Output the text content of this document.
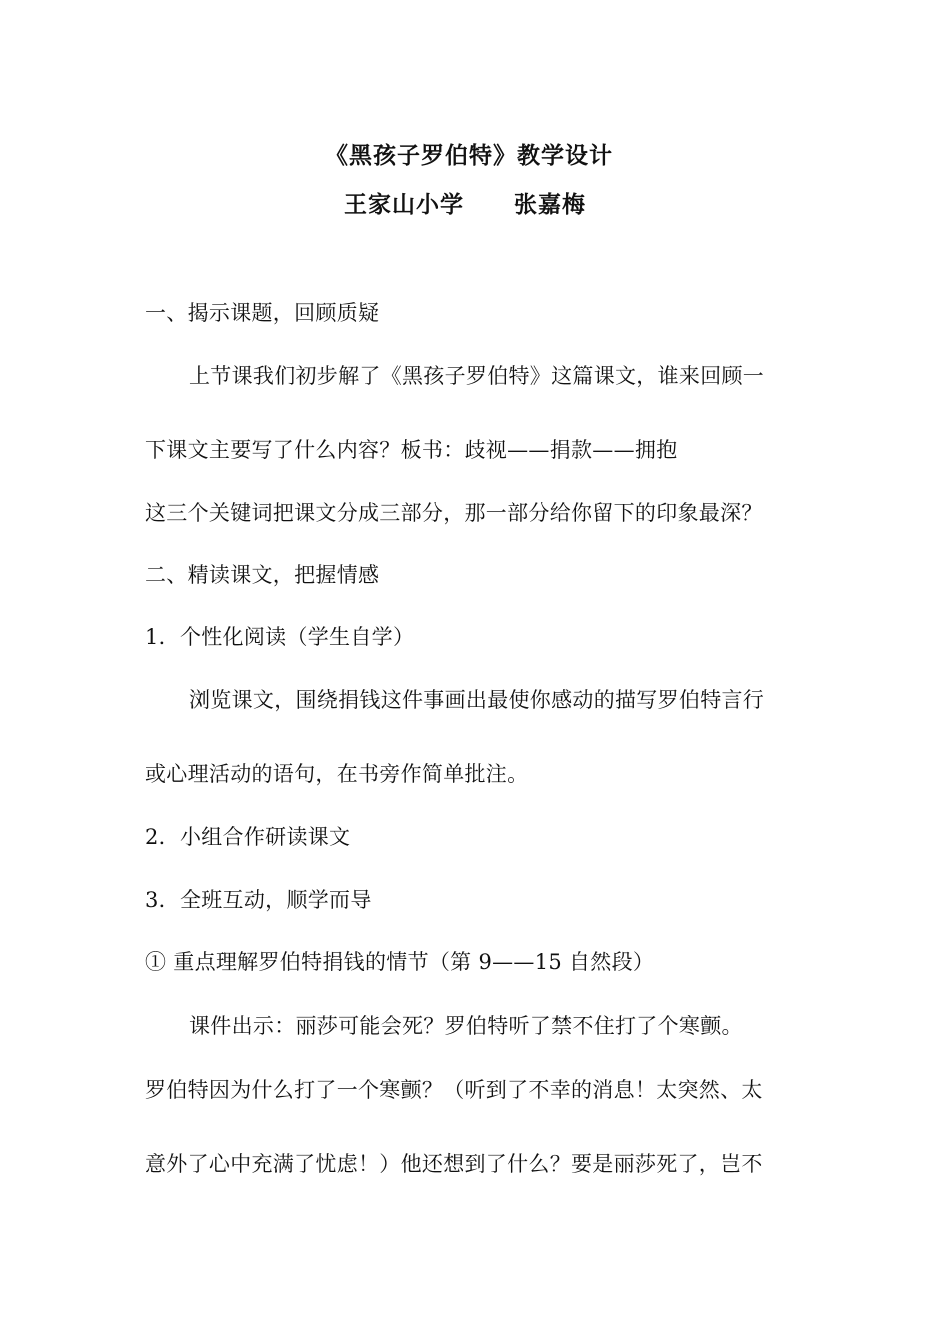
《黑孩子罗伯特》教学设计
王家山小学 张嘉梅
一、揭示课题，回顾质疑
上节课我们初步解了《黑孩子罗伯特》这篇课文，谁来回顾一
下课文主要写了什么内容？板书：歧视——捐款——拥抱
这三个关键词把课文分成三部分，那一部分给你留下的印象最深？
二、精读课文，把握情感
1．个性化阅读（学生自学）
浏览课文，围绕捐钱这件事画出最使你感动的描写罗伯特言行
或心理活动的语句，在书旁作简单批注。
2．小组合作研读课文
3．全班互动，顺学而导
① 重点理解罗伯特捐钱的情节（第 9——15 自然段）
课件出示：丽莎可能会死？罗伯特听了禁不住打了个寒颤。
罗伯特因为什么打了一个寒颤？（听到了不幸的消息！太突然、太
意外了心中充满了忧虑！）他还想到了什么？要是丽莎死了，岂不
